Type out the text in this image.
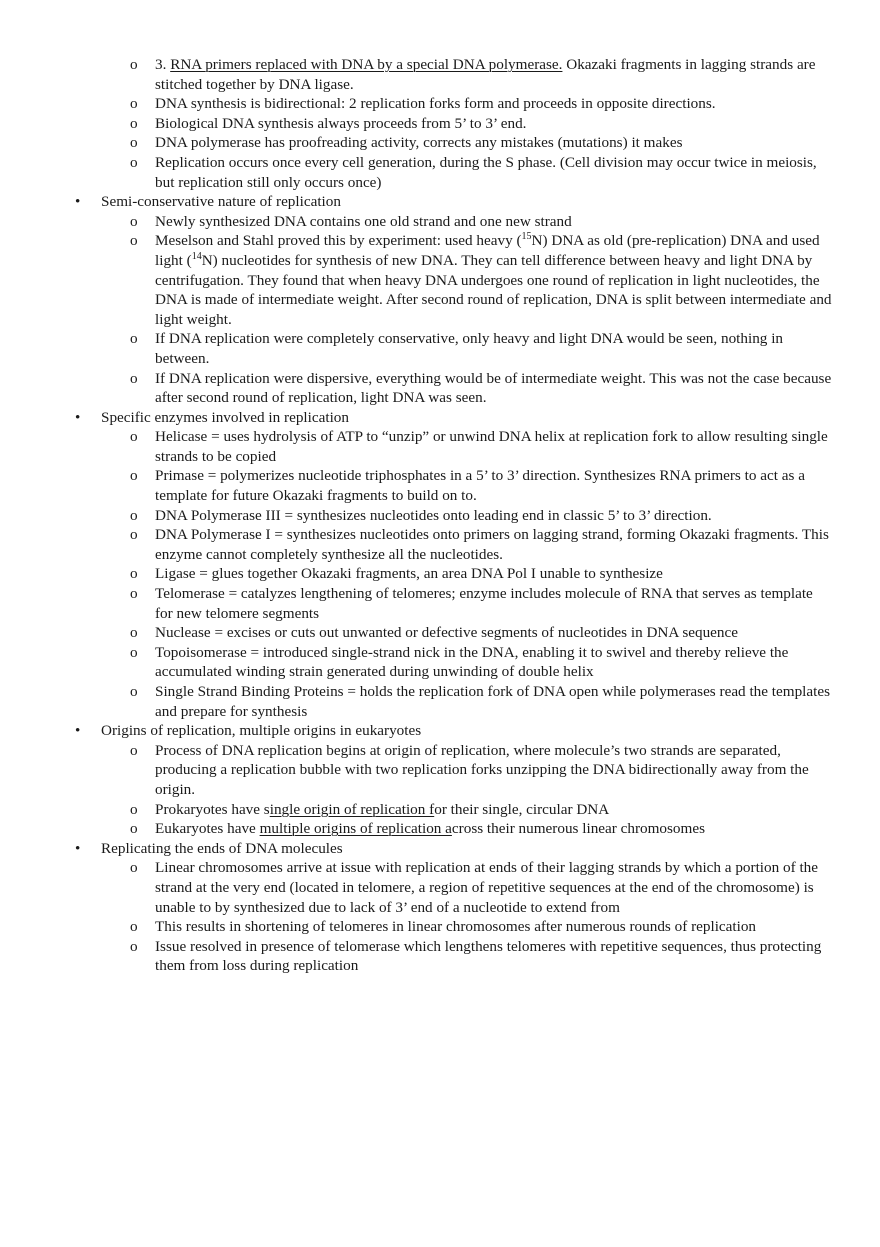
o 3. RNA primers replaced with DNA by a special DNA polymerase. Okazaki fragments in lagging strands are stitched together by DNA ligase.
o DNA synthesis is bidirectional: 2 replication forks form and proceeds in opposite directions.
o Biological DNA synthesis always proceeds from 5’ to 3’ end.
o DNA polymerase has proofreading activity, corrects any mistakes (mutations) it makes
o Replication occurs once every cell generation, during the S phase. (Cell division may occur twice in meiosis, but replication still only occurs once)
• Semi-conservative nature of replication
o Newly synthesized DNA contains one old strand and one new strand
o Meselson and Stahl proved this by experiment: used heavy ($^{15}$N) DNA as old (pre-replication) DNA and used light ($^{14}$N) nucleotides for synthesis of new DNA. They can tell difference between heavy and light DNA by centrifugation. They found that when heavy DNA undergoes one round of replication in light nucleotides, the DNA is made of intermediate weight. After second round of replication, DNA is split between intermediate and light weight.
o If DNA replication were completely conservative, only heavy and light DNA would be seen, nothing in between.
o If DNA replication were dispersive, everything would be of intermediate weight. This was not the case because after second round of replication, light DNA was seen.
• Specific enzymes involved in replication
o Helicase = uses hydrolysis of ATP to “unzip” or unwind DNA helix at replication fork to allow resulting single strands to be copied
o Primase = polymerizes nucleotide triphosphates in a 5’ to 3’ direction. Synthesizes RNA primers to act as a template for future Okazaki fragments to build on to.
o DNA Polymerase III = synthesizes nucleotides onto leading end in classic 5’ to 3’ direction.
o DNA Polymerase I = synthesizes nucleotides onto primers on lagging strand, forming Okazaki fragments. This enzyme cannot completely synthesize all the nucleotides.
o Ligase = glues together Okazaki fragments, an area DNA Pol I unable to synthesize
o Telomerase = catalyzes lengthening of telomeres; enzyme includes molecule of RNA that serves as template for new telomere segments
o Nuclease = excises or cuts out unwanted or defective segments of nucleotides in DNA sequence
o Topoisomerase = introduced single-strand nick in the DNA, enabling it to swivel and thereby relieve the accumulated winding strain generated during unwinding of double helix
o Single Strand Binding Proteins = holds the replication fork of DNA open while polymerases read the templates and prepare for synthesis
• Origins of replication, multiple origins in eukaryotes
o Process of DNA replication begins at origin of replication, where molecule’s two strands are separated, producing a replication bubble with two replication forks unzipping the DNA bidirectionally away from the origin.
o Prokaryotes have single origin of replication for their single, circular DNA
o Eukaryotes have multiple origins of replication across their numerous linear chromosomes
• Replicating the ends of DNA molecules
o Linear chromosomes arrive at issue with replication at ends of their lagging strands by which a portion of the strand at the very end (located in telomere, a region of repetitive sequences at the end of the chromosome) is unable to by synthesized due to lack of 3’ end of a nucleotide to extend from
o This results in shortening of telomeres in linear chromosomes after numerous rounds of replication
o Issue resolved in presence of telomerase which lengthens telomeres with repetitive sequences, thus protecting them from loss during replication
